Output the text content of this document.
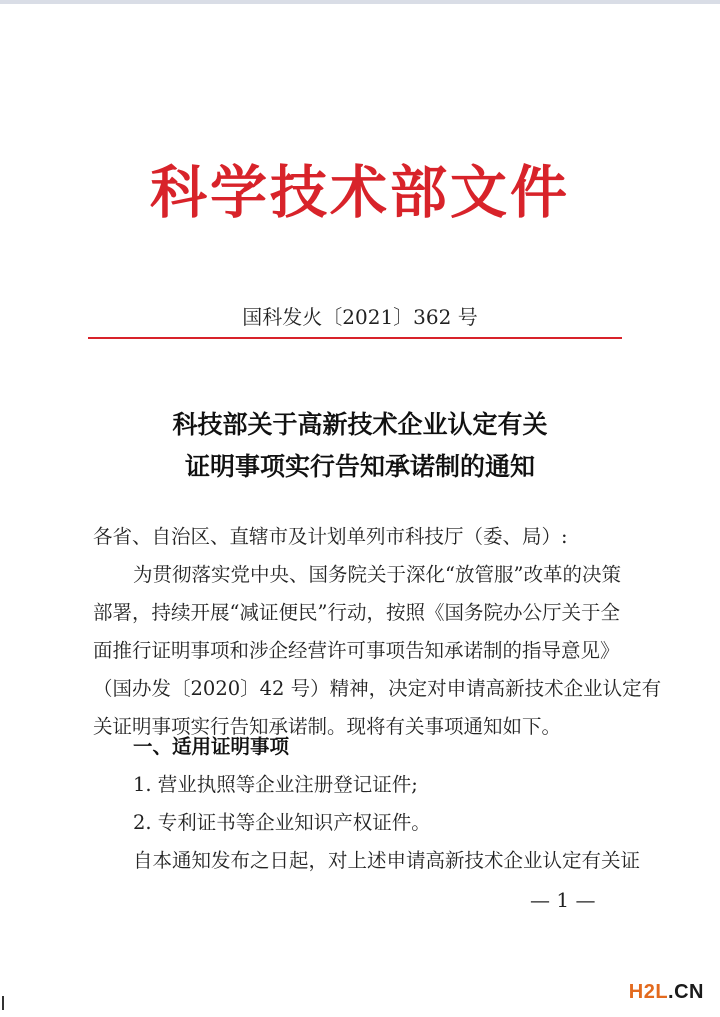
科学技术部文件
国科发火〔2021〕362 号
科技部关于高新技术企业认定有关
证明事项实行告知承诺制的通知
各省、自治区、直辖市及计划单列市科技厅（委、局）:
为贯彻落实党中央、国务院关于深化“放管服”改革的决策
部署，持续开展“减证便民”行动，按照《国务院办公厅关于全
面推行证明事项和涉企经营许可事项告知承诺制的指导意见》
（国办发〔2020〕42 号）精神，决定对申请高新技术企业认定有
关证明事项实行告知承诺制。现将有关事项通知如下。
一、适用证明事项
1. 营业执照等企业注册登记证件;
2. 专利证书等企业知识产权证件。
自本通知发布之日起，对上述申请高新技术企业认定有关证
— 1 —
H2L.CN
